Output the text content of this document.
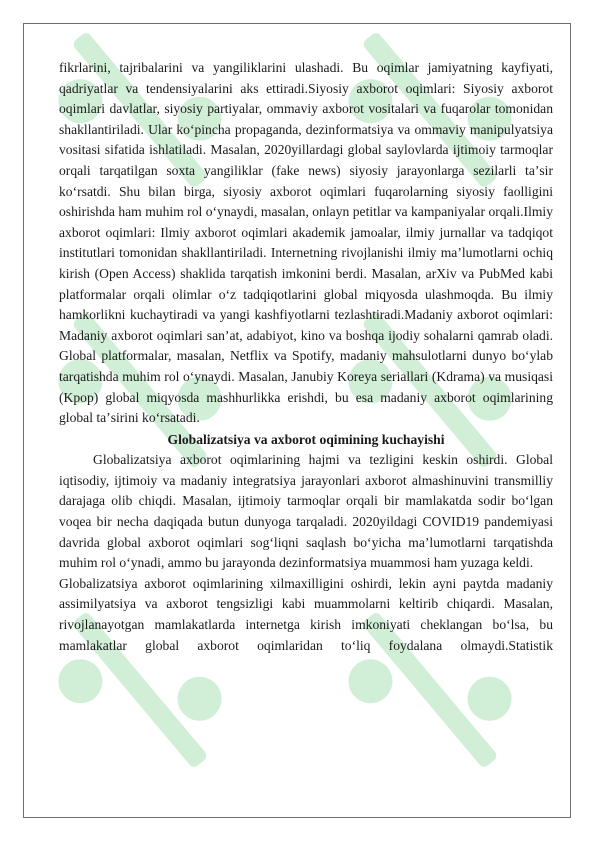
fikrlarini, tajribalarini va yangiliklarini ulashadi. Bu oqimlar jamiyatning kayfiyati, qadriyatlar va tendensiyalarini aks ettiradi.Siyosiy axborot oqimlari: Siyosiy axborot oqimlari davlatlar, siyosiy partiyalar, ommaviy axborot vositalari va fuqarolar tomonidan shakllantiriladi. Ular koʻpincha propaganda, dezinformatsiya va ommaviy manipulyatsiya vositasi sifatida ishlatiladi. Masalan, 2020yillardagi global saylovlarda ijtimoiy tarmoqlar orqali tarqatilgan soxta yangiliklar (fake news) siyosiy jarayonlarga sezilarli taʼsir koʻrsatdi. Shu bilan birga, siyosiy axborot oqimlari fuqarolarning siyosiy faolligini oshirishda ham muhim rol oʻynaydi, masalan, onlayn petitlar va kampaniyalar orqali.Ilmiy axborot oqimlari: Ilmiy axborot oqimlari akademik jamoalar, ilmiy jurnallar va tadqiqot institutlari tomonidan shakllantiriladi. Internetning rivojlanishi ilmiy maʼlumotlarni ochiq kirish (Open Access) shaklida tarqatish imkonini berdi. Masalan, arXiv va PubMed kabi platformalar orqali olimlar oʻz tadqiqotlarini global miqyosda ulashmoqda. Bu ilmiy hamkorlikni kuchaytiradi va yangi kashfiyotlarni tezlashtiradi.Madaniy axborot oqimlari: Madaniy axborot oqimlari sanʼat, adabiyot, kino va boshqa ijodiy sohalarni qamrab oladi. Global platformalar, masalan, Netflix va Spotify, madaniy mahsulotlarni dunyo boʻylab tarqatishda muhim rol oʻynaydi. Masalan, Janubiy Koreya seriallari (Kdrama) va musiqasi (Kpop) global miqyosda mashhurlikka erishdi, bu esa madaniy axborot oqimlarining global taʼsirini koʻrsatadi.

Globalizatsiya va axborot oqimining kuchayishi

Globalizatsiya axborot oqimlarining hajmi va tezligini keskin oshirdi. Global iqtisodiy, ijtimoiy va madaniy integratsiya jarayonlari axborot almashinuvini transmilliy darajaga olib chiqdi. Masalan, ijtimoiy tarmoqlar orqali bir mamlakatda sodir boʻlgan voqea bir necha daqiqada butun dunyoga tarqaladi. 2020yildagi COVID19 pandemiyasi davrida global axborot oqimlari sogʻliqni saqlash boʻyicha maʼlumotlarni tarqatishda muhim rol oʻynadi, ammo bu jarayonda dezinformatsiya muammosi ham yuzaga keldi.

Globalizatsiya axborot oqimlarining xilmaxilligini oshirdi, lekin ayni paytda madaniy assimilyatsiya va axborot tengsizligi kabi muammolarni keltirib chiqardi. Masalan, rivojlanayotgan mamlakatlarda internetga kirish imkoniyati cheklangan boʻlsa, bu mamlakatlar global axborot oqimlaridan toʻliq foydalana olmaydi.Statistik
